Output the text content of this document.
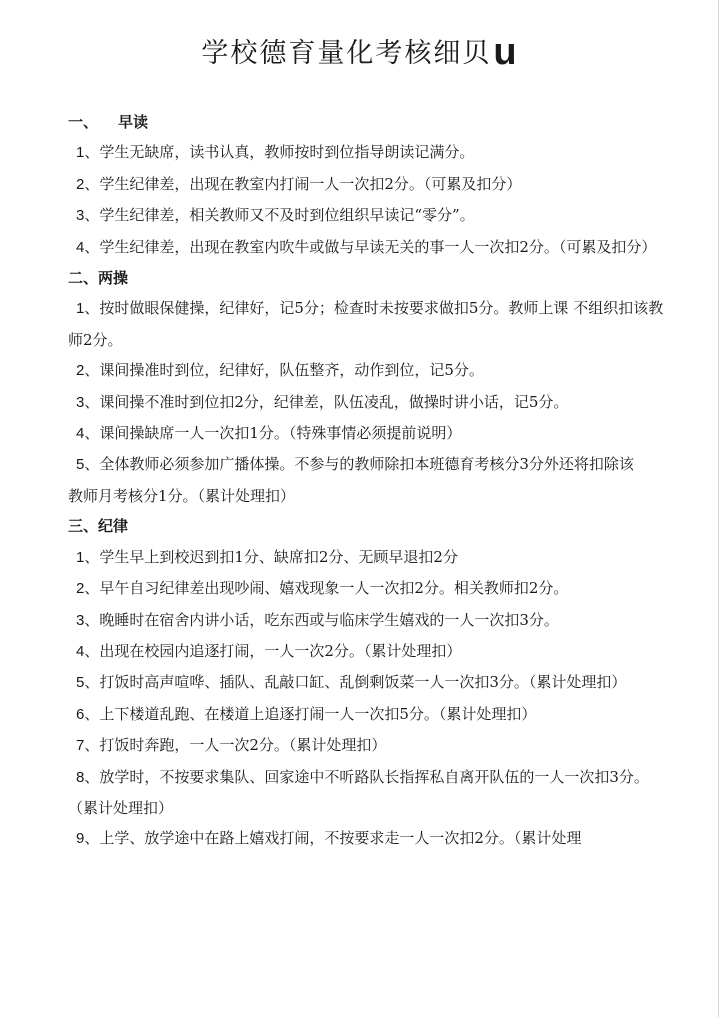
学校德育量化考核细贝u
一、 早读
1、学生无缺席，读书认真，教师按时到位指导朗读记满分。
2、学生纪律差，出现在教室内打闹一人一次扣2分。（可累及扣分）
3、学生纪律差，相关教师又不及时到位组织早读记“零分”。
4、学生纪律差，出现在教室内吹牛或做与早读无关的事一人一次扣2分。（可累及扣分）
二、两操
1、按时做眼保健操，纪律好，记5分；检查时未按要求做扣5分。教师上课 不组织扣该教师2分。
2、课间操准时到位，纪律好，队伍整齐，动作到位，记5分。
3、课间操不准时到位扣2分，纪律差，队伍凌乱，做操时讲小话，记5分。
4、课间操缺席一人一次扣1分。（特殊事情必须提前说明）
5、全体教师必须参加广播体操。不参与的教师除扣本班德育考核分3分外还将扣除该教师月考核分1分。（累计处理扣）
三、纪律
1、学生早上到校迟到扣1分、缺席扣2分、无顾早退扣2分
2、早午自习纪律差出现吵闹、嬉戏现象一人一次扣2分。相关教师扣2分。
3、晚睡时在宿舍内讲小话，吃东西或与临床学生嬉戏的一人一次扣3分。
4、出现在校园内追逐打闹，一人一次2分。（累计处理扣）
5、打饭时高声喧哗、插队、乱敲口缸、乱倒剩饭菜一人一次扣3分。（累计处理扣）
6、上下楼道乱跑、在楼道上追逐打闹一人一次扣5分。（累计处理扣）
7、打饭时奔跑，一人一次2分。（累计处理扣）
8、放学时，不按要求集队、回家途中不听路队长指挥私自离开队伍的一人一次扣3分。（累计处理扣）
9、上学、放学途中在路上嬉戏打闹，不按要求走一人一次扣2分。（累计处理
